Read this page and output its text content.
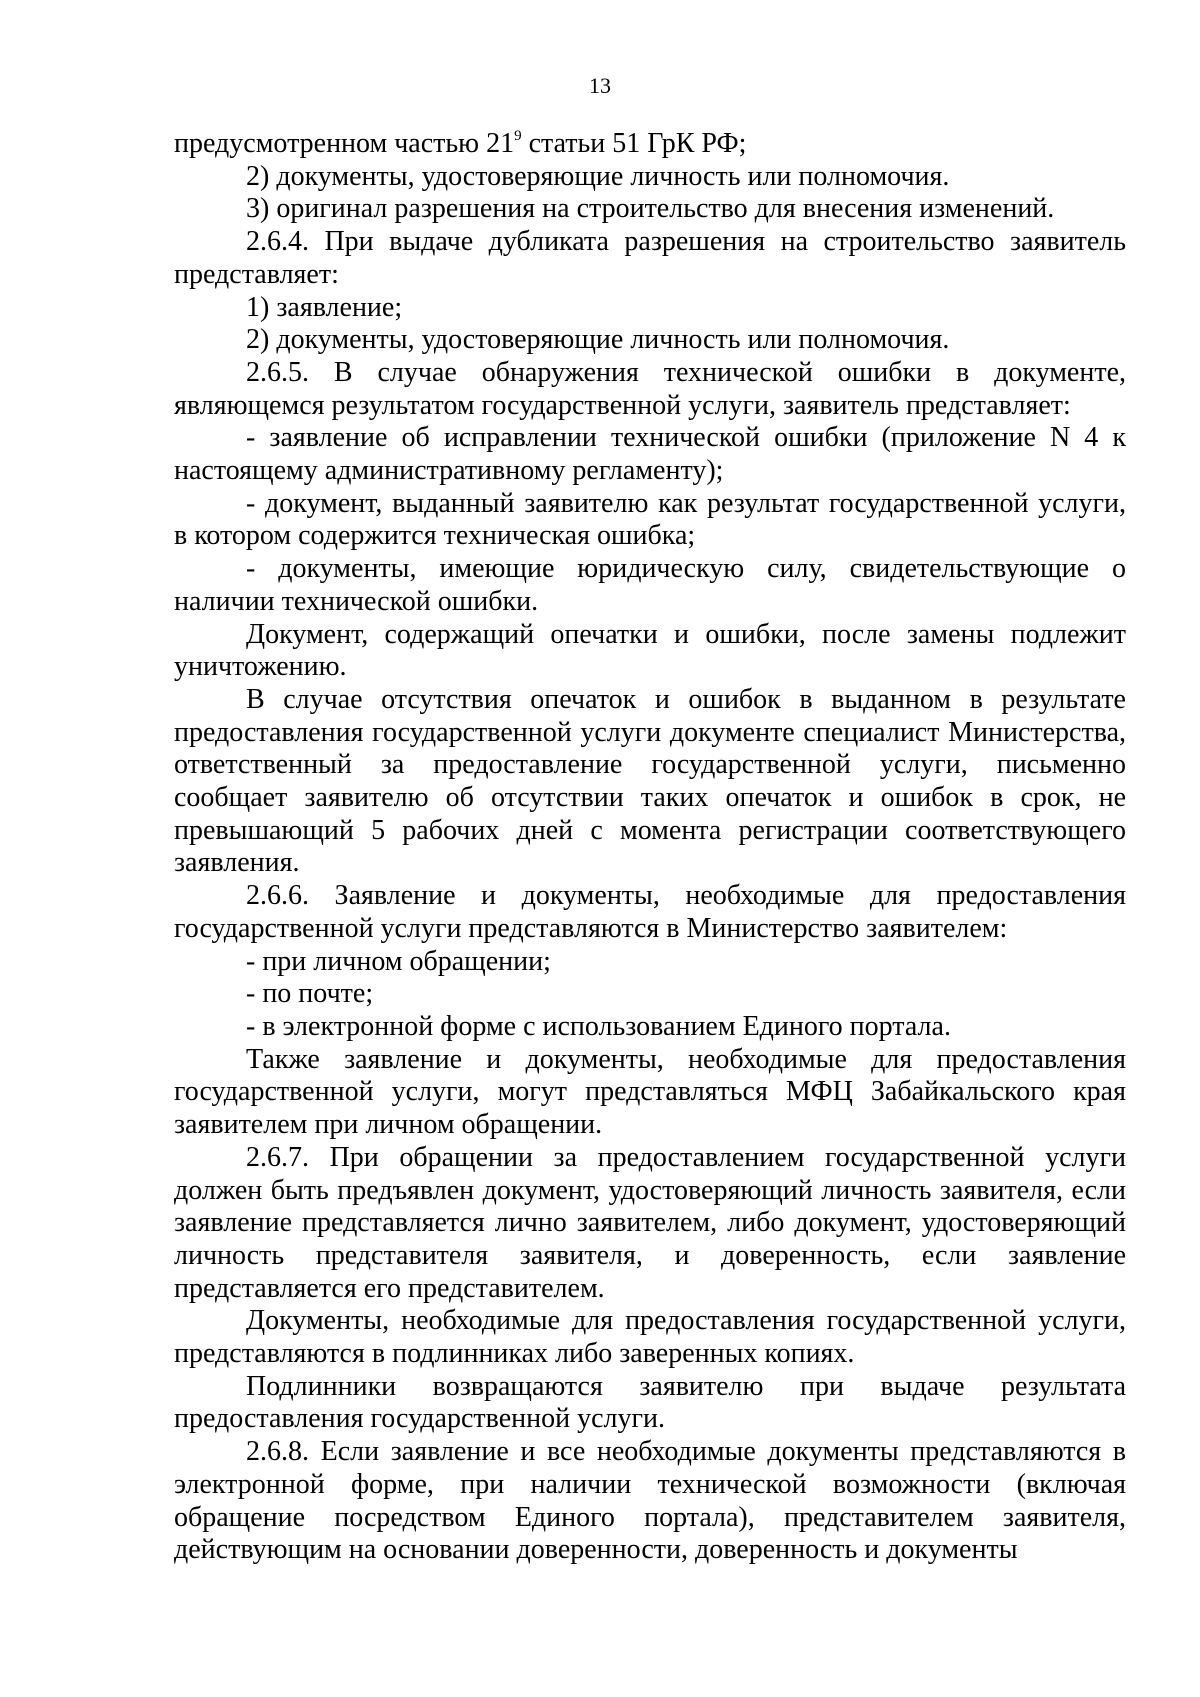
13

предусмотренном частью $21^9$ статьи 51 ГрК РФ;

2) документы, удостоверяющие личность или полномочия.

3) оригинал разрешения на строительство для внесения изменений.

2.6.4. При выдаче дубликата разрешения на строительство заявитель представляет:

1) заявление;

2) документы, удостоверяющие личность или полномочия.

2.6.5. В случае обнаружения технической ошибки в документе, являющемся результатом государственной услуги, заявитель представляет:

- заявление об исправлении технической ошибки (приложение N 4 к настоящему административному регламенту);

- документ, выданный заявителю как результат государственной услуги, в котором содержится техническая ошибка;

- документы, имеющие юридическую силу, свидетельствующие о наличии технической ошибки.

Документ, содержащий опечатки и ошибки, после замены подлежит уничтожению.

В случае отсутствия опечаток и ошибок в выданном в результате предоставления государственной услуги документе специалист Министерства, ответственный за предоставление государственной услуги, письменно сообщает заявителю об отсутствии таких опечаток и ошибок в срок, не превышающий 5 рабочих дней с момента регистрации соответствующего заявления.

2.6.6. Заявление и документы, необходимые для предоставления государственной услуги представляются в Министерство заявителем:

- при личном обращении;

- по почте;

- в электронной форме с использованием Единого портала.

Также заявление и документы, необходимые для предоставления государственной услуги, могут представляться МФЦ Забайкальского края заявителем при личном обращении.

2.6.7. При обращении за предоставлением государственной услуги должен быть предъявлен документ, удостоверяющий личность заявителя, если заявление представляется лично заявителем, либо документ, удостоверяющий личность представителя заявителя, и доверенность, если заявление представляется его представителем.

Документы, необходимые для предоставления государственной услуги, представляются в подлинниках либо заверенных копиях.

Подлинники возвращаются заявителю при выдаче результата предоставления государственной услуги.

2.6.8. Если заявление и все необходимые документы представляются в электронной форме, при наличии технической возможности (включая обращение посредством Единого портала), представителем заявителя, действующим на основании доверенности, доверенность и документы
